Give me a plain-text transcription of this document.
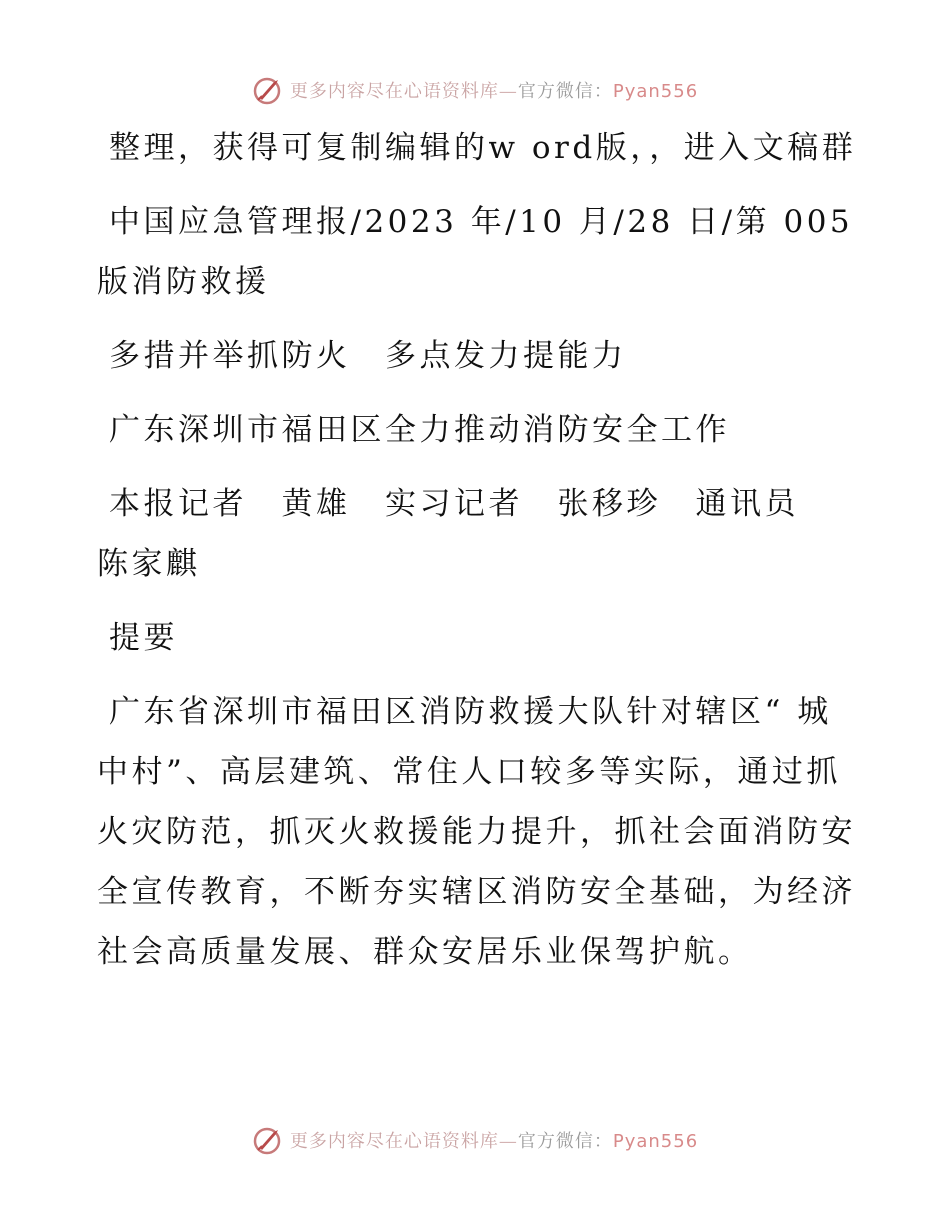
更多内容尽在心语资料库—官方微信：Pyan556

整理，获得可复制编辑的w ord版，，进入文稿群

中国应急管理报/2023 年/10 月/28 日/第 005 版消防救援

多措并举抓防火　多点发力提能力

广东深圳市福田区全力推动消防安全工作

本报记者　黄雄　实习记者　张移珍　通讯员　陈家麒

提要

广东省深圳市福田区消防救援大队针对辖区“ 城中村”、高层建筑、常住人口较多等实际，通过抓火灾防范，抓灭火救援能力提升，抓社会面消防安全宣传教育，不断夯实辖区消防安全基础，为经济社会高质量发展、群众安居乐业保驾护航。

更多内容尽在心语资料库—官方微信：Pyan556
